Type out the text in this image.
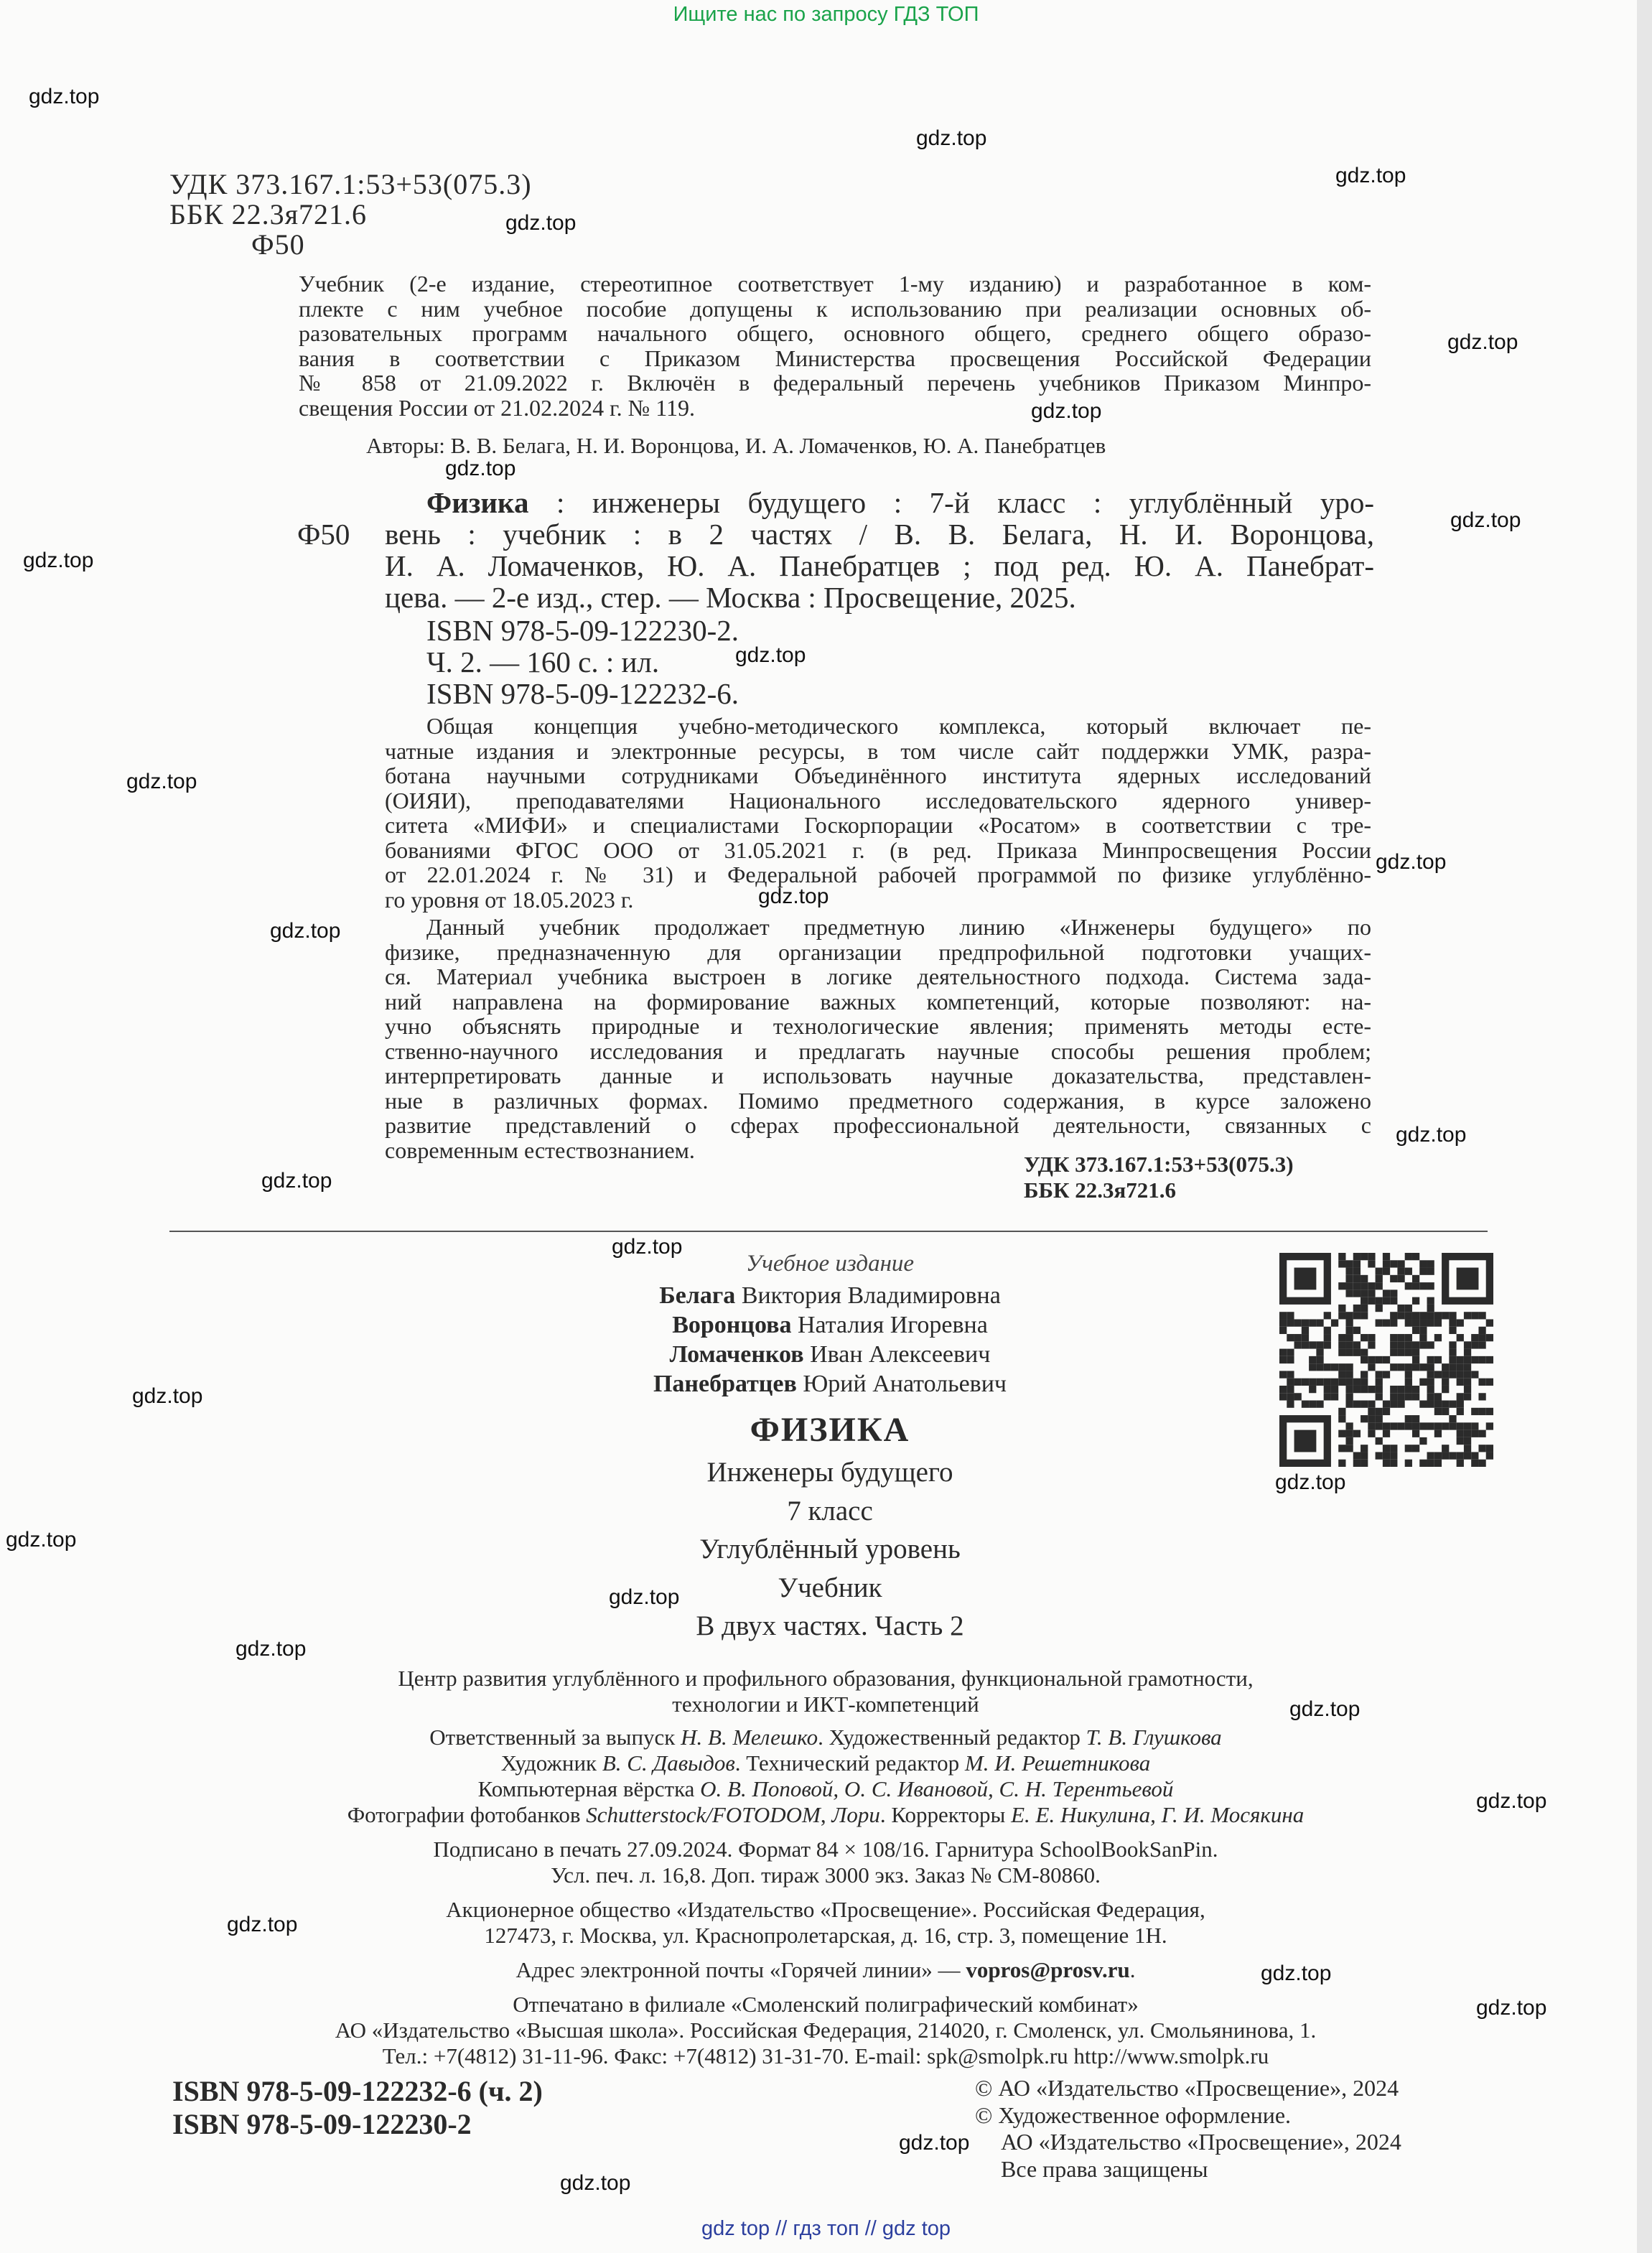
Ищите нас по запросу ГДЗ ТОП
УДК 373.167.1:53+53(075.3)
ББК 22.3я721.6
Ф50
Учебник (2-е издание, стереотипное соответствует 1-му изданию) и разработанное в ком-
плекте с ним учебное пособие допущены к использованию при реализации основных об-
разовательных программ начального общего, основного общего, среднего общего образо-
вания в соответствии с Приказом Министерства просвещения Российской Федерации
№ 858 от 21.09.2022 г. Включён в федеральный перечень учебников Приказом Минпро-
свещения России от 21.02.2024 г. № 119.
Авторы: В. В. Белага, Н. И. Воронцова, И. А. Ломаченков, Ю. А. Панебратцев
Ф50
Физика : инженеры будущего : 7-й класс : углублённый уро-
вень : учебник : в 2 частях / В. В. Белага, Н. И. Воронцова,
И. А. Ломаченков, Ю. А. Панебратцев ; под ред. Ю. А. Панебрат-
цева. — 2-е изд., стер. — Москва : Просвещение, 2025.
ISBN 978-5-09-122230-2.
Ч. 2. — 160 с. : ил.
ISBN 978-5-09-122232-6.
Общая концепция учебно-методического комплекса, который включает пе-
чатные издания и электронные ресурсы, в том числе сайт поддержки УМК, разра-
ботана научными сотрудниками Объединённого института ядерных исследований
(ОИЯИ), преподавателями Национального исследовательского ядерного универ-
ситета «МИФИ» и специалистами Госкорпорации «Росатом» в соответствии с тре-
бованиями ФГОС ООО от 31.05.2021 г. (в ред. Приказа Минпросвещения России
от 22.01.2024 г. № 31) и Федеральной рабочей программой по физике углублённо-
го уровня от 18.05.2023 г.
Данный учебник продолжает предметную линию «Инженеры будущего» по
физике, предназначенную для организации предпрофильной подготовки учащих-
ся. Материал учебника выстроен в логике деятельностного подхода. Система зада-
ний направлена на формирование важных компетенций, которые позволяют: на-
учно объяснять природные и технологические явления; применять методы есте-
ственно-научного исследования и предлагать научные способы решения проблем;
интерпретировать данные и использовать научные доказательства, представлен-
ные в различных формах. Помимо предметного содержания, в курсе заложено
развитие представлений о сферах профессиональной деятельности, связанных с
современным естествознанием.
УДК 373.167.1:53+53(075.3)
ББК 22.3я721.6
Учебное издание
Белага Виктория Владимировна
Воронцова Наталия Игоревна
Ломаченков Иван Алексеевич
Панебратцев Юрий Анатольевич
ФИЗИКА
Инженеры будущего
7 класс
Углублённый уровень
Учебник
В двух частях. Часть 2
Центр развития углублённого и профильного образования, функциональной грамотности,
технологии и ИКТ-компетенций
Ответственный за выпуск Н. В. Мелешко. Художественный редактор Т. В. Глушкова
Художник В. С. Давыдов. Технический редактор М. И. Решетникова
Компьютерная вёрстка О. В. Поповой, О. С. Ивановой, С. Н. Терентьевой
Фотографии фотобанков Schutterstock/FOTODOM, Лори. Корректоры Е. Е. Никулина, Г. И. Мосякина
Подписано в печать 27.09.2024. Формат 84 × 108/16. Гарнитура SchoolBookSanPin.
Усл. печ. л. 16,8. Доп. тираж 3000 экз. Заказ № СМ-80860.
Акционерное общество «Издательство «Просвещение». Российская Федерация,
127473, г. Москва, ул. Краснопролетарская, д. 16, стр. 3, помещение 1Н.
Адрес электронной почты «Горячей линии» — vopros@prosv.ru.
Отпечатано в филиале «Смоленский полиграфический комбинат»
АО «Издательство «Высшая школа». Российская Федерация, 214020, г. Смоленск, ул. Смольянинова, 1.
Тел.: +7(4812) 31-11-96. Факс: +7(4812) 31-31-70. E-mail: spk@smolpk.ru http://www.smolpk.ru
ISBN 978-5-09-122232-6 (ч. 2)
ISBN 978-5-09-122230-2
© АО «Издательство «Просвещение», 2024
© Художественное оформление.
АО «Издательство «Просвещение», 2024
Все права защищены
gdz top // гдз топ // gdz top
gdz.top
gdz.top
gdz.top
gdz.top
gdz.top
gdz.top
gdz.top
gdz.top
gdz.top
gdz.top
gdz.top
gdz.top
gdz.top
gdz.top
gdz.top
gdz.top
gdz.top
gdz.top
gdz.top
gdz.top
gdz.top
gdz.top
gdz.top
gdz.top
gdz.top
gdz.top
gdz.top
gdz.top
gdz.top
